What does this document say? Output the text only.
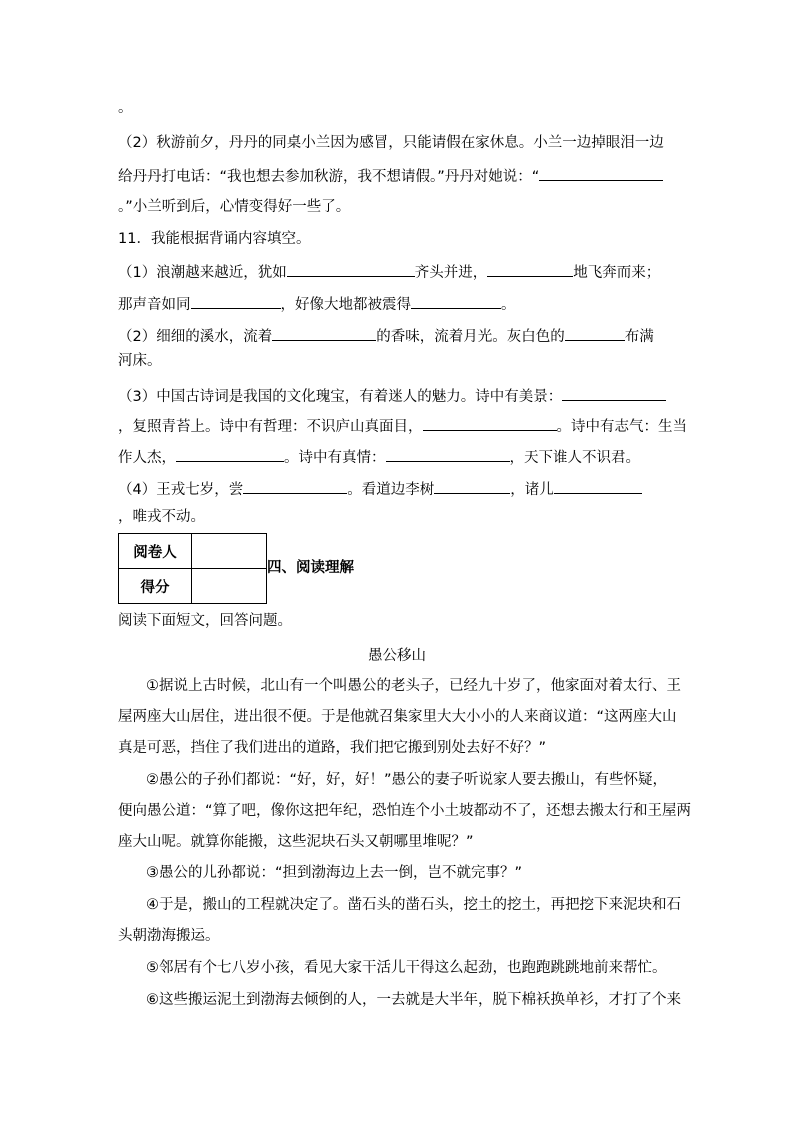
。
（2）秋游前夕，丹丹的同桌小兰因为感冒，只能请假在家休息。小兰一边掉眼泪一边
给丹丹打电话：“我也想去参加秋游，我不想请假。”丹丹对她说：“
。”小兰听到后，心情变得好一些了。
11．我能根据背诵内容填空。
（1）浪潮越来越近，犹如	齐头并进，	地飞奔而来；
那声音如同	，好像大地都被震得	。
（2）细细的溪水，流着	的香味，流着月光。灰白色的	布满
河床。
（3）中国古诗词是我国的文化瑰宝，有着迷人的魅力。诗中有美景：
，复照青苔上。诗中有哲理：不识庐山真面目，	。诗中有志气：生当
作人杰，	。诗中有真情：	，天下谁人不识君。
（4）王戎七岁，尝	。看道边李树	，诸儿
，唯戎不动。
阅卷人	
得分	
四、阅读理解
阅读下面短文，回答问题。
愚公移山
①据说上古时候，北山有一个叫愚公的老头子，已经九十岁了，他家面对着太行、王
屋两座大山居住，进出很不便。于是他就召集家里大大小小的人来商议道：“这两座大山
真是可恶，挡住了我们进出的道路，我们把它搬到别处去好不好？”
②愚公的子孙们都说：“好，好，好！”愚公的妻子听说家人要去搬山，有些怀疑，
便向愚公道：“算了吧，像你这把年纪，恐怕连个小土坡都动不了，还想去搬太行和王屋两
座大山呢。就算你能搬，这些泥块石头又朝哪里堆呢？”
③愚公的儿孙都说：“担到渤海边上去一倒，岂不就完事？”
④于是，搬山的工程就决定了。凿石头的凿石头，挖土的挖土，再把挖下来泥块和石
头朝渤海搬运。
⑤邻居有个七八岁小孩，看见大家干活儿干得这么起劲，也跑跑跳跳地前来帮忙。
⑥这些搬运泥土到渤海去倾倒的人，一去就是大半年，脱下棉袄换单衫，才打了个来
